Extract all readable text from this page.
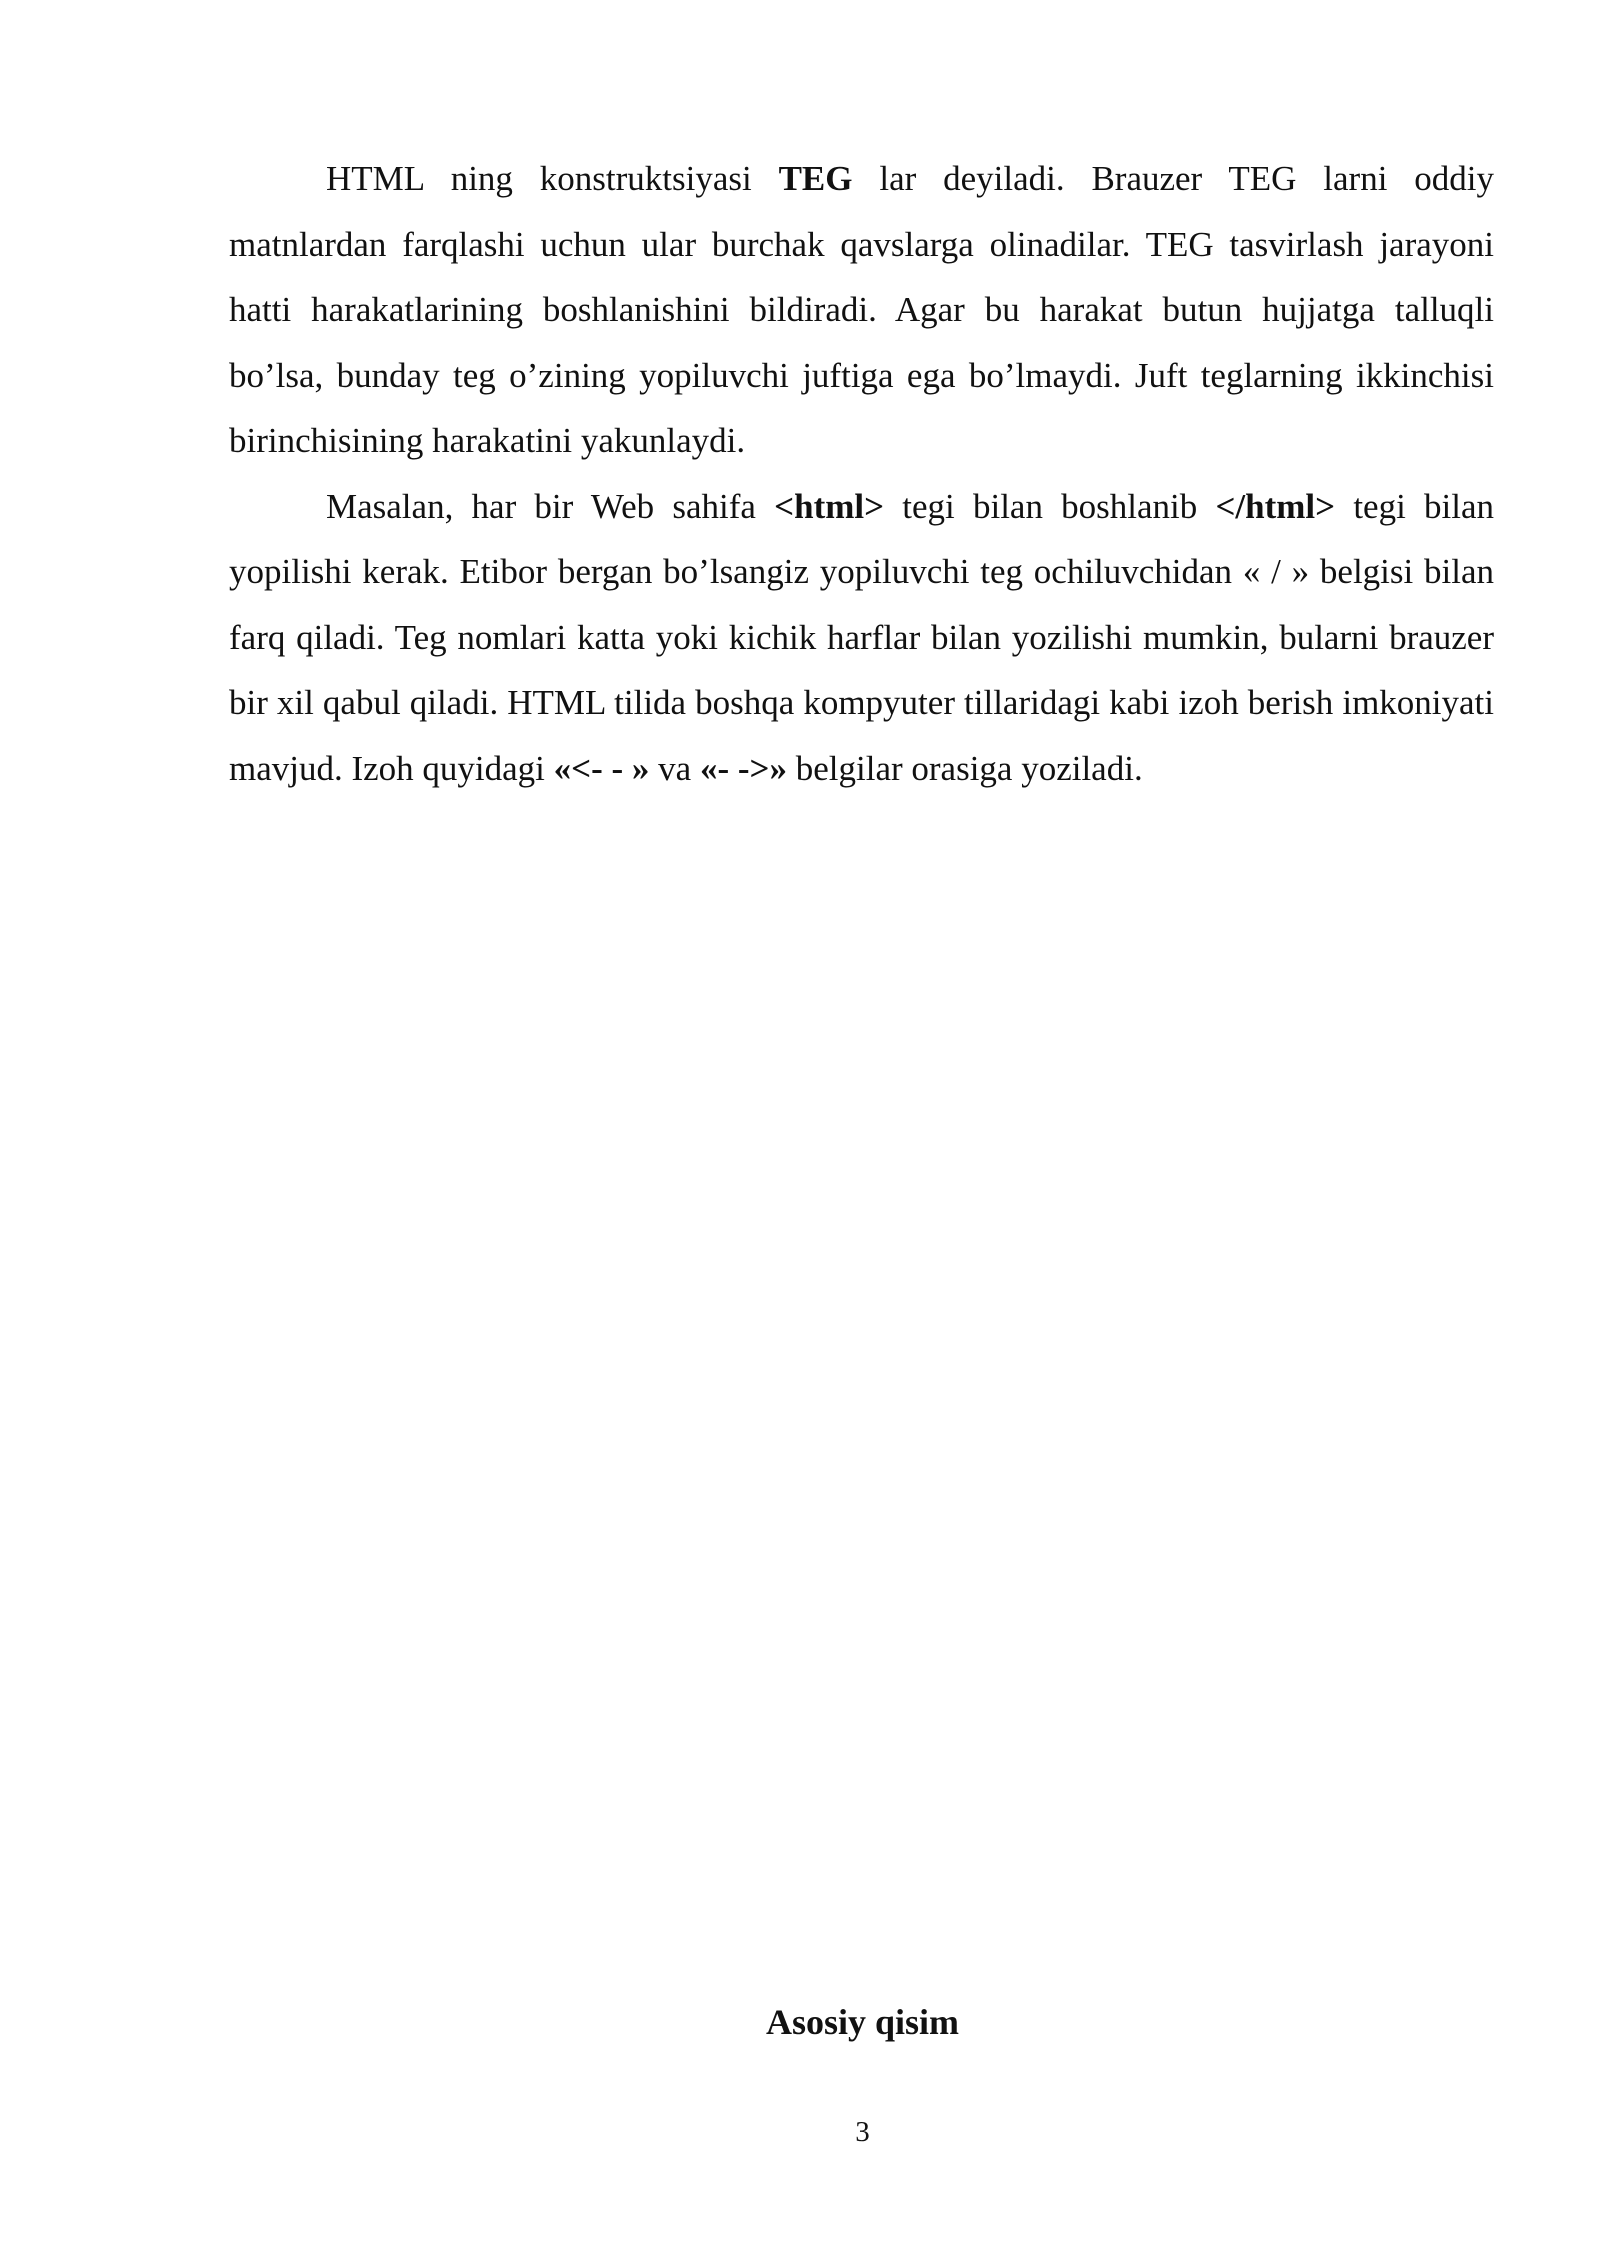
HTML ning konstruktsiyasi TEG lar deyiladi. Brauzer TEG larni oddiy matnlardan farqlashi uchun ular burchak qavslarga olinadilar. TEG tasvirlash jarayoni hatti harakatlarining boshlanishini bildiradi. Agar bu harakat butun hujjatga talluqli bo’lsa, bunday teg o’zining yopiluvchi juftiga ega bo’lmaydi. Juft teglarning ikkinchisi birinchisining harakatini yakunlaydi.

Masalan, har bir Web sahifa <html> tegi bilan boshlanib </html> tegi bilan yopilishi kerak. Etibor bergan bo’lsangiz yopiluvchi teg ochiluvchidan « / » belgisi bilan farq qiladi. Teg nomlari katta yoki kichik harflar bilan yozilishi mumkin, bularni brauzer bir xil qabul qiladi. HTML tilida boshqa kompyuter tillaridagi kabi izoh berish imkoniyati mavjud. Izoh quyidagi «<- - » va «- ->» belgilar orasiga yoziladi.

Asosiy qisim
3
